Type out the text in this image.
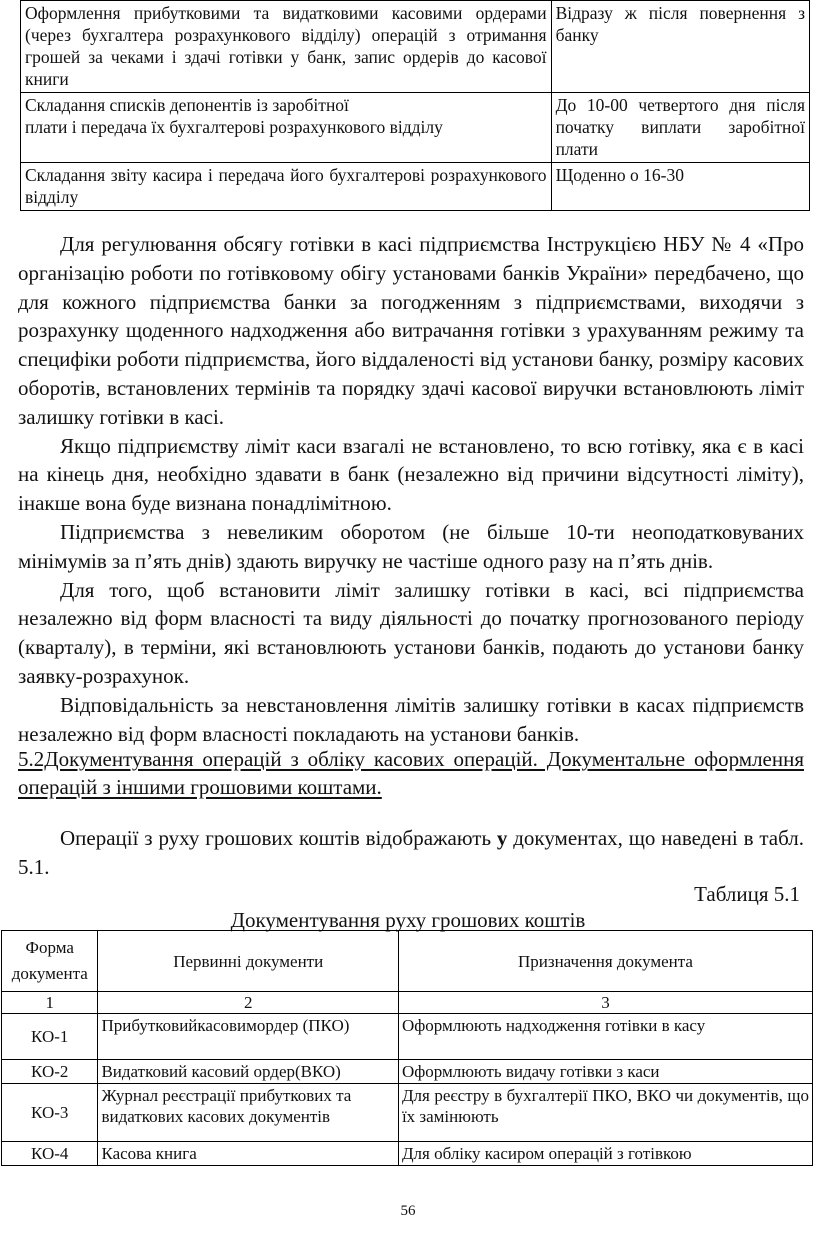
Оформлення прибутковими та видатковими касовими ордерами (через бухгалтера розрахункового відділу) операцій з отримання грошей за чеками і здачі готівки у банк, запис ордерів до касової книги	Відразу ж після повернення з банку

Складання списків депонентів із заробітної
плати і передача їх бухгалтерові розрахункового відділу	До 10-00 четвертого дня після початку виплати заробітної плати

Складання звіту касира і передача його бухгалтерові розрахункового відділу	Щоденно о 16-30

Для регулювання обсягу готівки в касі підприємства Інструкцією НБУ № 4 «Про організацію роботи по готівковому обігу установами банків України» передбачено, що для кожного підприємства банки за погодженням з підприємствами, виходячи з розрахунку щоденного надходження або витрачання готівки з урахуванням режиму та специфіки роботи підприємства, його віддаленості від установи банку, розміру касових оборотів, встановлених термінів та порядку здачі касової виручки встановлюють ліміт залишку готівки в касі.

Якщо підприємству ліміт каси взагалі не встановлено, то всю готівку, яка є в касі на кінець дня, необхідно здавати в банк (незалежно від причини відсутності ліміту), інакше вона буде визнана понадлімітною.

Підприємства з невеликим оборотом (не більше 10-ти неоподатковуваних мінімумів за п’ять днів) здають виручку не частіше одного разу на п’ять днів.

Для того, щоб встановити ліміт залишку готівки в касі, всі підприємства незалежно від форм власності та виду діяльності до початку прогнозованого періоду (кварталу), в терміни, які встановлюють установи банків, подають до установи банку заявку-розрахунок.

Відповідальність за невстановлення лімітів залишку готівки в касах підприємств незалежно від форм власності покладають на установи банків.

5.2Документування операцій з обліку касових операцій. Документальне оформлення операцій з іншими грошовими коштами.

Операції з руху грошових коштів відображають у документах, що наведені в табл. 5.1.

Таблиця 5.1
Документування руху грошових коштів
Форма
документа	Первинні документи	Призначення документа
1	2	3
КО-1	Прибутковийкасовимордер (ПКО)	Оформлюють надходження готівки в касу
КО-2	Видатковий касовий ордер(ВКО)	Оформлюють видачу готівки з каси
КО-3	Журнал реєстрації прибуткових та видаткових касових документів	Для реєстру в бухгалтерії ПКО, ВКО чи документів, що їх замінюють
КО-4	Касова книга	Для обліку касиром операцій з готівкою
56
